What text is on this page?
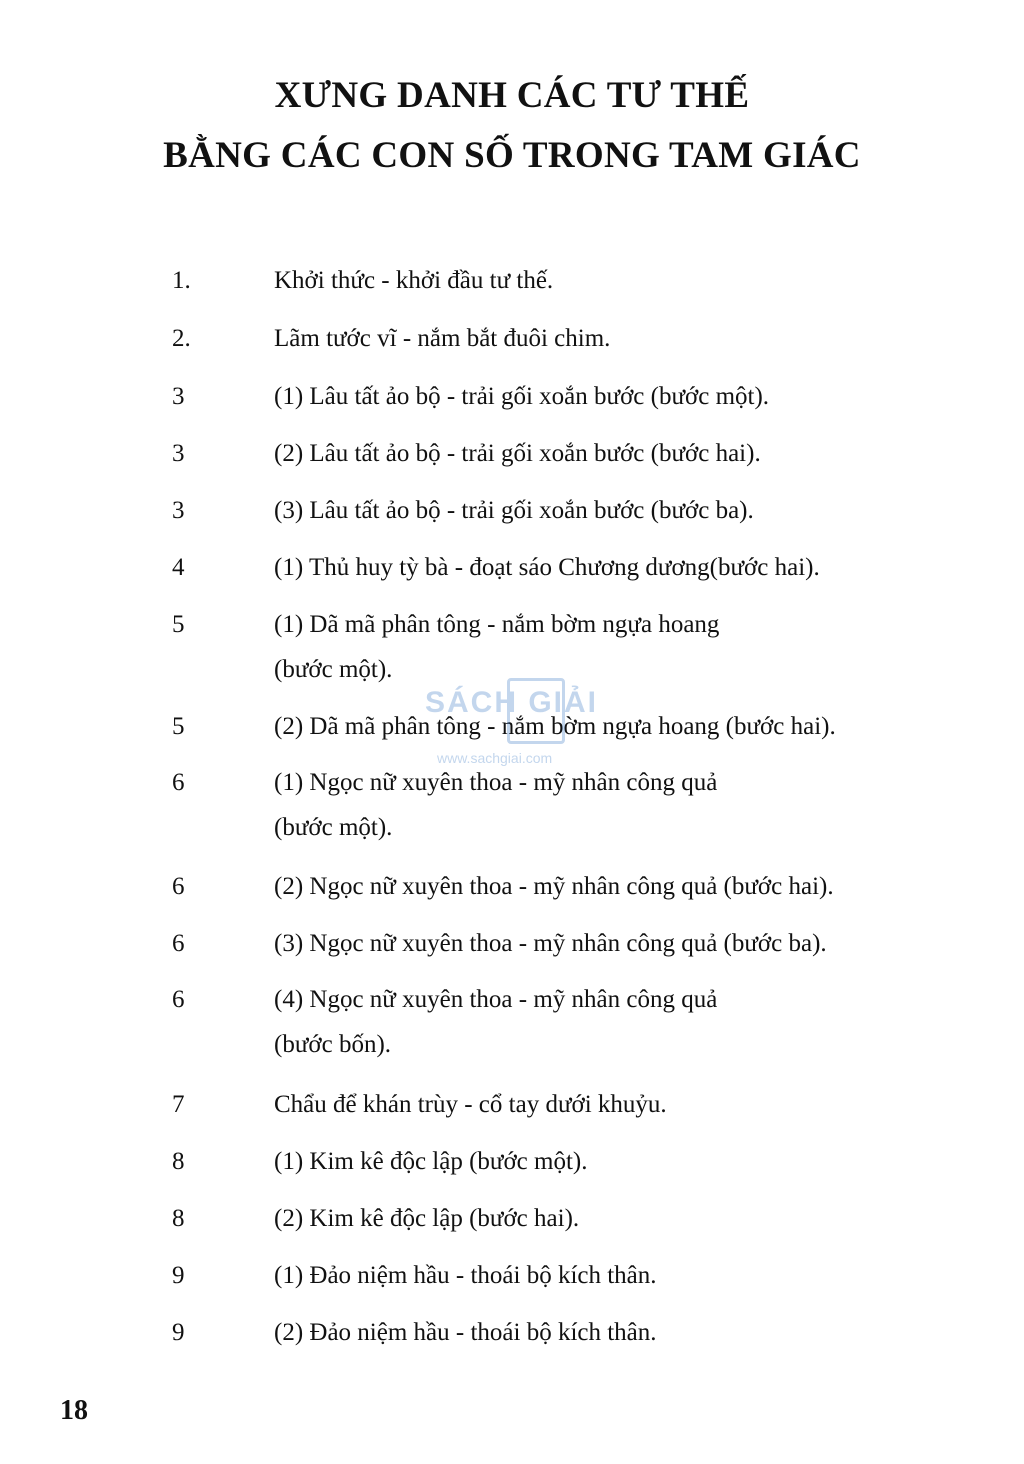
XƯNG DANH CÁC TƯ THẾ
BẰNG CÁC CON SỐ TRONG TAM GIÁC
1.	Khởi thức - khởi đầu tư thế.
2.	Lãm tước vĩ - nắm bắt đuôi chim.
3	(1) Lâu tất ảo bộ - trải gối xoắn bước (bước một).
3	(2) Lâu tất ảo bộ - trải gối xoắn bước (bước hai).
3	(3) Lâu tất ảo bộ - trải gối xoắn bước (bước ba).
4	(1) Thủ huy tỳ bà - đoạt sáo Chương dương(bước hai).
5	(1) Dã mã phân tông - nắm bờm ngựa hoang
(bước một).
5	(2) Dã mã phân tông - nắm bờm ngựa hoang (bước hai).
6	(1) Ngọc nữ xuyên thoa - mỹ nhân công quả
(bước một).
6	(2) Ngọc nữ xuyên thoa - mỹ nhân công quả (bước hai).
6	(3) Ngọc nữ xuyên thoa - mỹ nhân công quả (bước ba).
6	(4) Ngọc nữ xuyên thoa - mỹ nhân công quả
(bước bốn).
7	Chẩu để khán trùy - cổ tay dưới khuỷu.
8	(1) Kim kê độc lập (bước một).
8	(2) Kim kê độc lập (bước hai).
9	(1) Đảo niệm hầu - thoái bộ kích thân.
9	(2) Đảo niệm hầu - thoái bộ kích thân.
SÁCH GIẢI
www.sachgiai.com
18
